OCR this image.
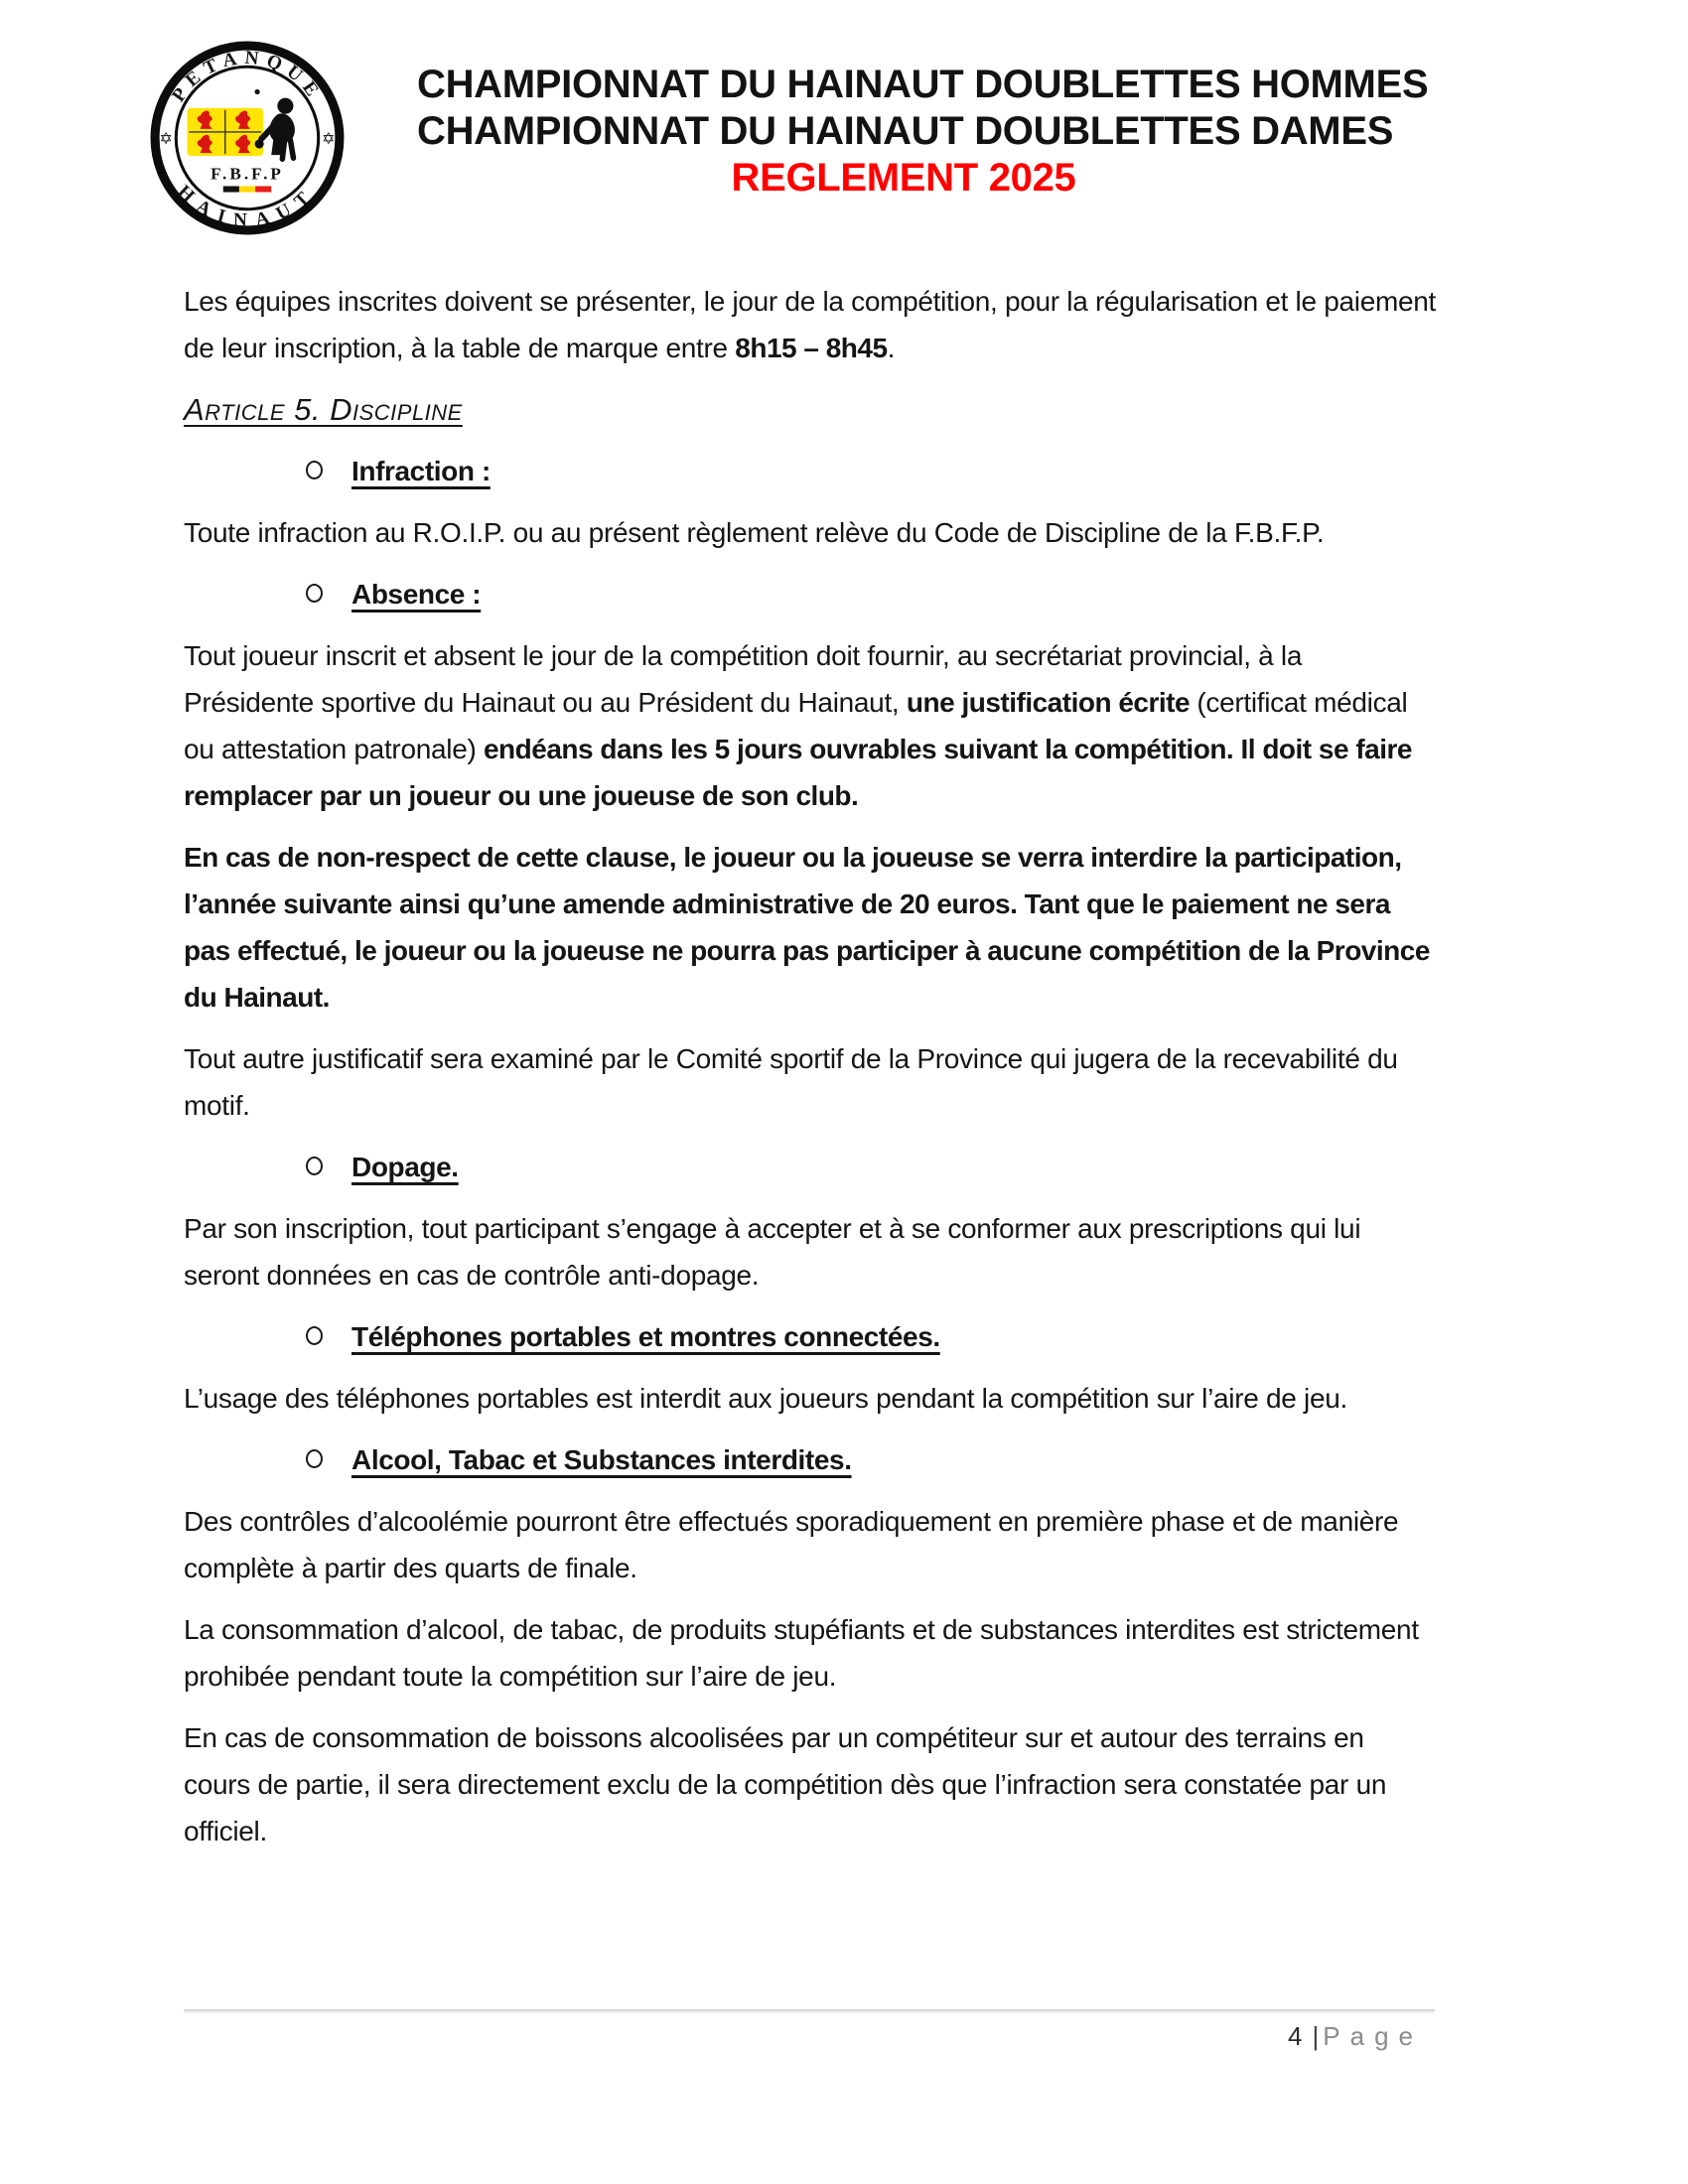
PETANQUE
HAINAUT
✡	✡
F.B.F.P
CHAMPIONNAT DU HAINAUT DOUBLETTES HOMMES
CHAMPIONNAT DU HAINAUT DOUBLETTES DAMES
REGLEMENT 2025

Les équipes inscrites doivent se présenter, le jour de la compétition, pour la régularisation et le paiement de leur inscription, à la table de marque entre 8h15 – 8h45.

Article 5. Discipline
Infraction :

Toute infraction au R.O.I.P. ou au présent règlement relève du Code de Discipline de la F.B.F.P.

Absence :

Tout joueur inscrit et absent le jour de la compétition doit fournir, au secrétariat provincial, à la Présidente sportive du Hainaut ou au Président du Hainaut, une justification écrite (certificat médical ou attestation patronale) endéans dans les 5 jours ouvrables suivant la compétition. Il doit se faire remplacer par un joueur ou une joueuse de son club.

En cas de non-respect de cette clause, le joueur ou la joueuse se verra interdire la participation, l’année suivante ainsi qu’une amende administrative de 20 euros. Tant que le paiement ne sera pas effectué, le joueur ou la joueuse ne pourra pas participer à aucune compétition de la Province du Hainaut.

Tout autre justificatif sera examiné par le Comité sportif de la Province qui jugera de la recevabilité du motif.

Dopage.

Par son inscription, tout participant s’engage à accepter et à se conformer aux prescriptions qui lui seront données en cas de contrôle anti-dopage.

Téléphones portables et montres connectées.

L’usage des téléphones portables est interdit aux joueurs pendant la compétition sur l’aire de jeu.

Alcool, Tabac et Substances interdites.

Des contrôles d’alcoolémie pourront être effectués sporadiquement en première phase et de manière complète à partir des quarts de finale.

La consommation d’alcool, de tabac, de produits stupéfiants et de substances interdites est strictement prohibée pendant toute la compétition sur l’aire de jeu.

En cas de consommation de boissons alcoolisées par un compétiteur sur et autour des terrains en cours de partie, il sera directement exclu de la compétition dès que l’infraction sera constatée par un officiel.

4 | Page
